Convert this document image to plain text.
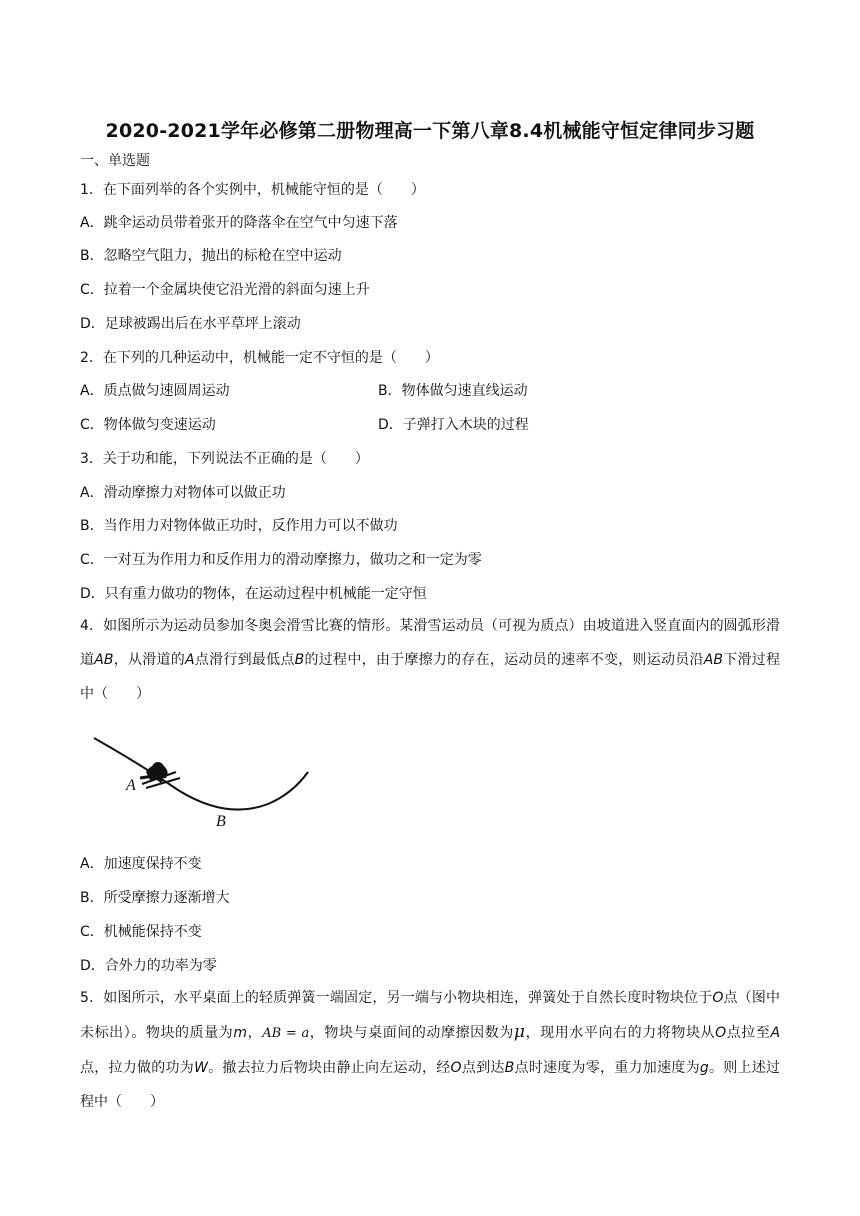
2020-2021学年必修第二册物理高一下第八章8.4机械能守恒定律同步习题
一、单选题
1．在下面列举的各个实例中，机械能守恒的是（　　）
A．跳伞运动员带着张开的降落伞在空气中匀速下落
B．忽略空气阻力，抛出的标枪在空中运动
C．拉着一个金属块使它沿光滑的斜面匀速上升
D．足球被踢出后在水平草坪上滚动
2．在下列的几种运动中，机械能一定不守恒的是（　　）
A．质点做匀速圆周运动	B．物体做匀速直线运动
C．物体做匀变速运动	D．子弹打入木块的过程
3．关于功和能，下列说法不正确的是（　　）
A．滑动摩擦力对物体可以做正功
B．当作用力对物体做正功时，反作用力可以不做功
C．一对互为作用力和反作用力的滑动摩擦力，做功之和一定为零
D．只有重力做功的物体，在运动过程中机械能一定守恒
4．如图所示为运动员参加冬奥会滑雪比赛的情形。某滑雪运动员（可视为质点）由坡道进入竖直面内的圆弧形滑道AB，从滑道的A点滑行到最低点B的过程中，由于摩擦力的存在，运动员的速率不变，则运动员沿AB下滑过程中（　　）
A
B
A．加速度保持不变
B．所受摩擦力逐渐增大
C．机械能保持不变
D．合外力的功率为零
5．如图所示，水平桌面上的轻质弹簧一端固定，另一端与小物块相连，弹簧处于自然长度时物块位于O点（图中未标出）。物块的质量为m，AB = a，物块与桌面间的动摩擦因数为μ，现用水平向右的力将物块从O点拉至A点，拉力做的功为W。撤去拉力后物块由静止向左运动，经O点到达B点时速度为零，重力加速度为g。则上述过程中（　　）
